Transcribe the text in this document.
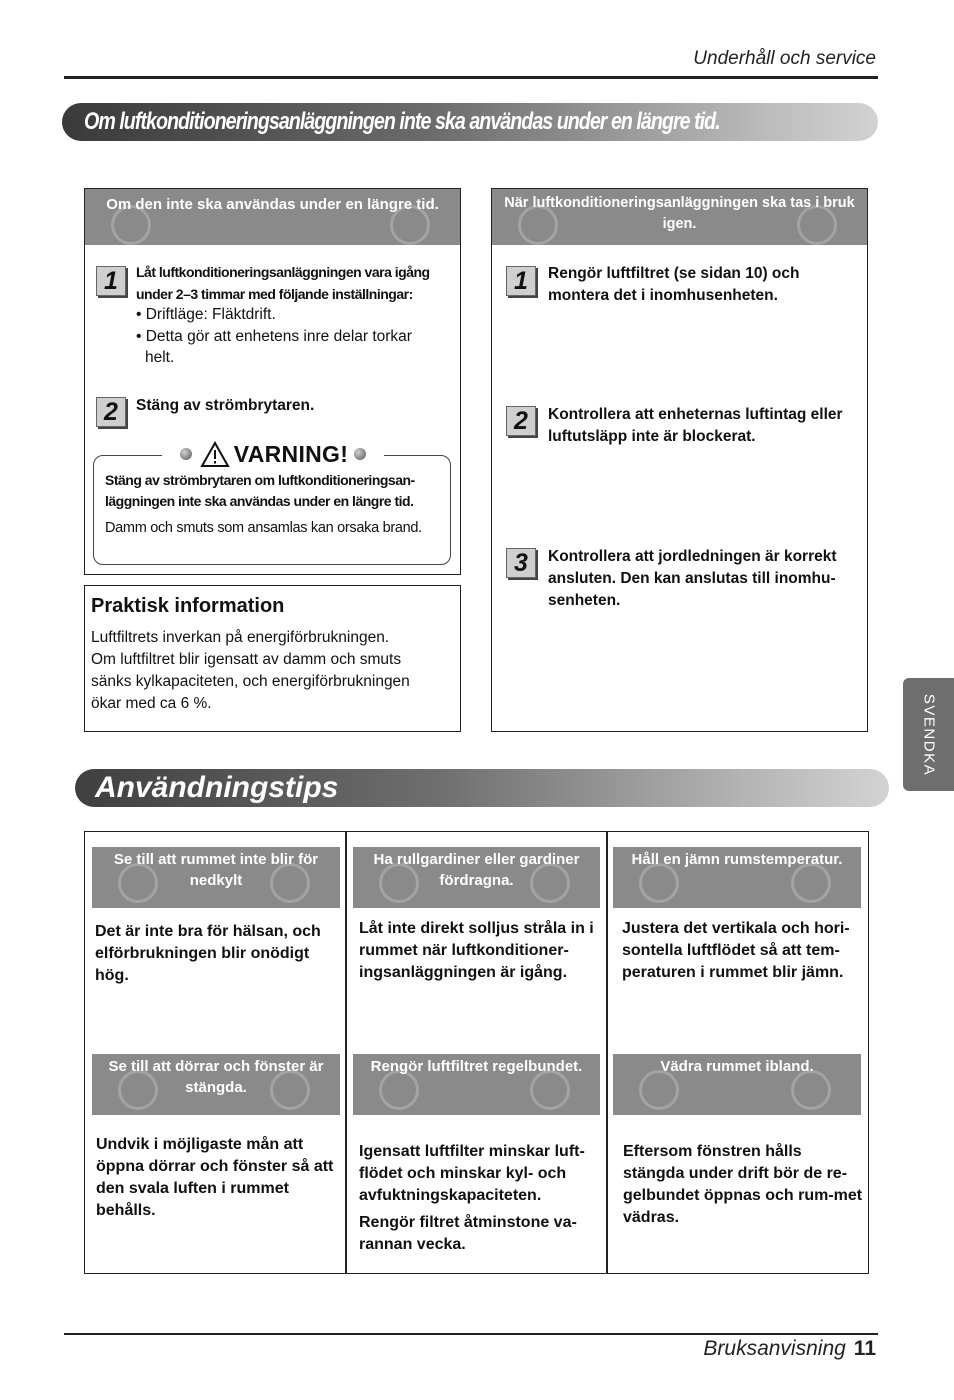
Underhåll och service
Om luftkonditioneringsanläggningen inte ska användas under en längre tid.
Om den inte ska användas under en längre tid.
1	Låt luftkonditioneringsanläggningen vara igång under 2–3 timmar med följande inställningar:
• Driftläge: Fläktdrift.
• Detta gör att enhetens inre delar torkar
helt.
2	Stäng av strömbrytaren.
VARNING!
Stäng av strömbrytaren om luftkonditioneringsan-läggningen inte ska användas under en längre tid.
Damm och smuts som ansamlas kan orsaka brand.
Praktisk information
Luftfiltrets inverkan på energiförbrukningen.
Om luftfiltret blir igensatt av damm och smuts
sänks kylkapaciteten, och energiförbrukningen
ökar med ca 6 %.
När luftkonditioneringsanläggningen ska tas i bruk igen.
1	Rengör luftfiltret (se sidan 10) och montera det i inomhusenheten.
2	Kontrollera att enheternas luftintag eller luftutsläpp inte är blockerat.
3	Kontrollera att jordledningen är korrekt ansluten. Den kan anslutas till inomhu-senheten.
Användningstips
Se till att rummet inte blir för nedkylt
Det är inte bra för hälsan, och elförbrukningen blir onödigt hög.
Ha rullgardiner eller gardiner fördragna.
Låt inte direkt solljus stråla in i rummet när luftkonditioner-ingsanläggningen är igång.
Håll en jämn rumstemperatur.
Justera det vertikala och hori-sontella luftflödet så att tem-peraturen i rummet blir jämn.
Se till att dörrar och fönster är stängda.
Undvik i möjligaste mån att öppna dörrar och fönster så att den svala luften i rummet behålls.
Rengör luftfiltret regelbundet.
Igensatt luftfilter minskar luft-flödet och minskar kyl- och avfuktningskapaciteten.
Rengör filtret åtminstone va-rannan vecka.
Vädra rummet ibland.
Eftersom fönstren hålls stängda under drift bör de re-gelbundet öppnas och rum-met vädras.
SVENDKA
Bruksanvisning 11
